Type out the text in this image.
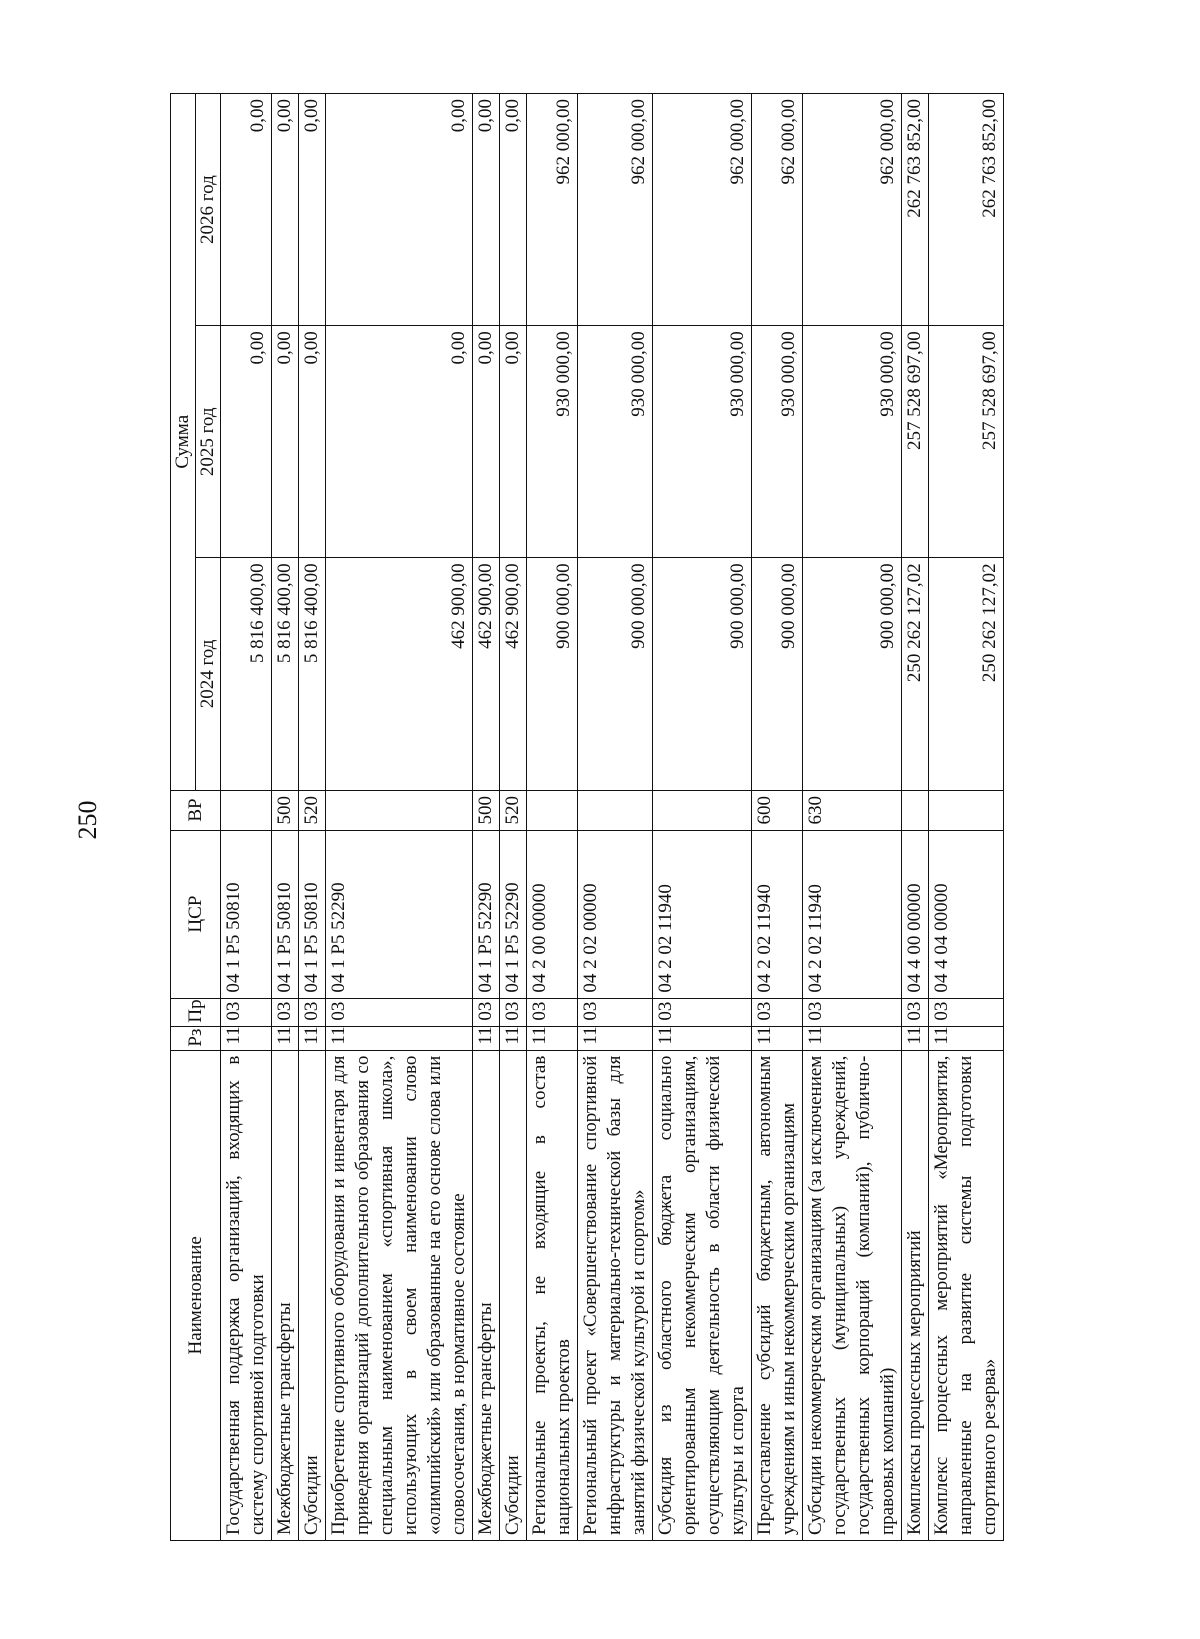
250
Наименование	Рз	Пр	ЦСР	ВР	Сумма		
					2024 год	2025 год	2026 год
Государственная поддержка организаций, входящих в систему спортивной подготовки	11	03	04 1 Р5 50810		5 816 400,00	0,00	0,00
Межбюджетные трансферты	11	03	04 1 Р5 50810	500	5 816 400,00	0,00	0,00
Субсидии	11	03	04 1 Р5 50810	520	5 816 400,00	0,00	0,00
Приобретение спортивного оборудования и инвентаря для приведения организаций дополнительного образования со специальным наименованием «спортивная школа», использующих в своем наименовании слово «олимпийский» или образованные на его основе слова или словосочетания, в нормативное состояние	11	03	04 1 Р5 52290		462 900,00	0,00	0,00
Межбюджетные трансферты	11	03	04 1 Р5 52290	500	462 900,00	0,00	0,00
Субсидии	11	03	04 1 Р5 52290	520	462 900,00	0,00	0,00
Региональные проекты, не входящие в состав национальных проектов	11	03	04 2 00 00000		900 000,00	930 000,00	962 000,00
Региональный проект «Совершенствование спортивной инфраструктуры и материально-технической базы для занятий физической культурой и спортом»	11	03	04 2 02 00000		900 000,00	930 000,00	962 000,00
Субсидия из областного бюджета социально ориентированным некоммерческим организациям, осуществляющим деятельность в области физической культуры и спорта	11	03	04 2 02 11940		900 000,00	930 000,00	962 000,00
Предоставление субсидий бюджетным, автономным учреждениям и иным некоммерческим организациям	11	03	04 2 02 11940	600	900 000,00	930 000,00	962 000,00
Субсидии некоммерческим организациям (за исключением государственных (муниципальных) учреждений, государственных корпораций (компаний), публично-правовых компаний)	11	03	04 2 02 11940	630	900 000,00	930 000,00	962 000,00
Комплексы процессных мероприятий	11	03	04 4 00 00000		250 262 127,02	257 528 697,00	262 763 852,00
Комплекс процессных мероприятий «Мероприятия, направленные на развитие системы подготовки спортивного резерва»	11	03	04 4 04 00000		250 262 127,02	257 528 697,00	262 763 852,00
